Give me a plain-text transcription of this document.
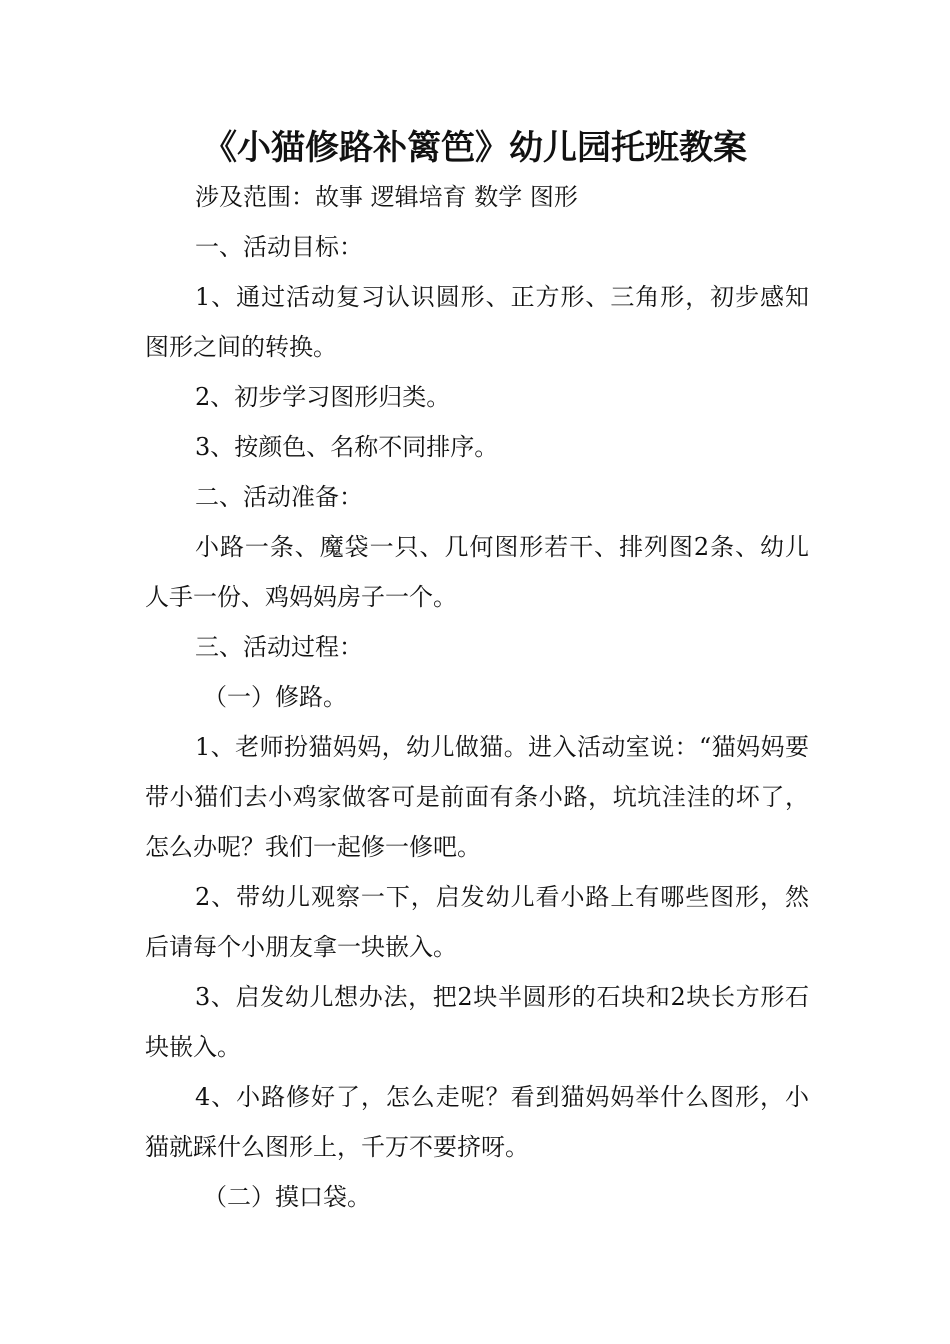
《小猫修路补篱笆》幼儿园托班教案

涉及范围：故事 逻辑培育 数学 图形

一、活动目标：

1、通过活动复习认识圆形、正方形、三角形，初步感知图形之间的转换。

2、初步学习图形归类。

3、按颜色、名称不同排序。

二、活动准备：

小路一条、魔袋一只、几何图形若干、排列图2条、幼儿人手一份、鸡妈妈房子一个。

三、活动过程：

（一）修路。

1、老师扮猫妈妈，幼儿做猫。进入活动室说：“猫妈妈要带小猫们去小鸡家做客可是前面有条小路，坑坑洼洼的坏了，怎么办呢？我们一起修一修吧。

2、带幼儿观察一下，启发幼儿看小路上有哪些图形，然后请每个小朋友拿一块嵌入。

3、启发幼儿想办法，把2块半圆形的石块和2块长方形石块嵌入。

4、小路修好了，怎么走呢？看到猫妈妈举什么图形，小猫就踩什么图形上，千万不要挤呀。

（二）摸口袋。
